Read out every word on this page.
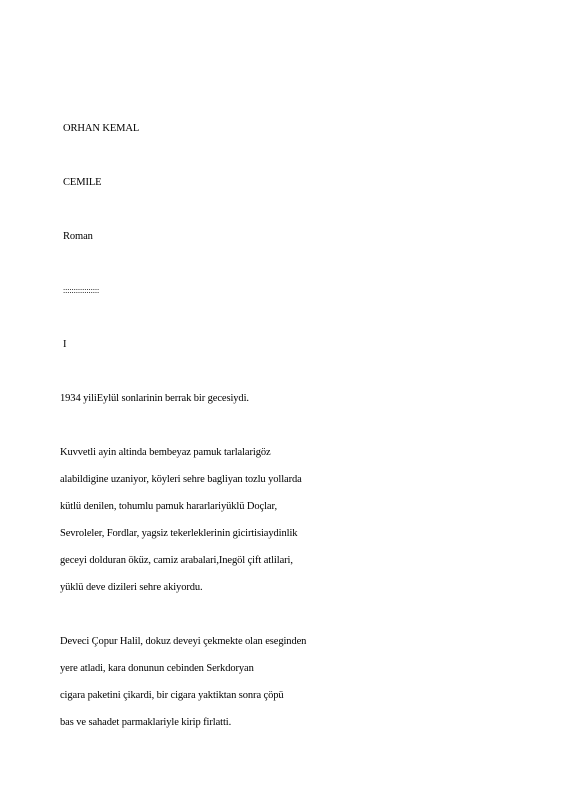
ORHAN KEMAL
CEMILE
Roman
:::::::::::::::::
I
1934 yiliEylül sonlarinin berrak bir gecesiydi.
Kuvvetli ayin altinda bembeyaz pamuk tarlalarigöz
alabildigine uzaniyor, köyleri sehre bagliyan tozlu yollarda
kütlü denilen, tohumlu pamuk hararlariyüklü Doçlar,
Sevroleler, Fordlar, yagsiz tekerleklerinin gicirtisiaydinlik
geceyi dolduran öküz, camiz arabalari,Inegöl çift atlilari,
yüklü deve dizileri sehre akiyordu.
Deveci Çopur Halil, dokuz deveyi çekmekte olan eseginden
yere atladi, kara donunun cebinden Serkdoryan
cigara paketini çikardi, bir cigara yaktiktan sonra çöpü
bas ve sahadet parmaklariyle kirip firlatti.
